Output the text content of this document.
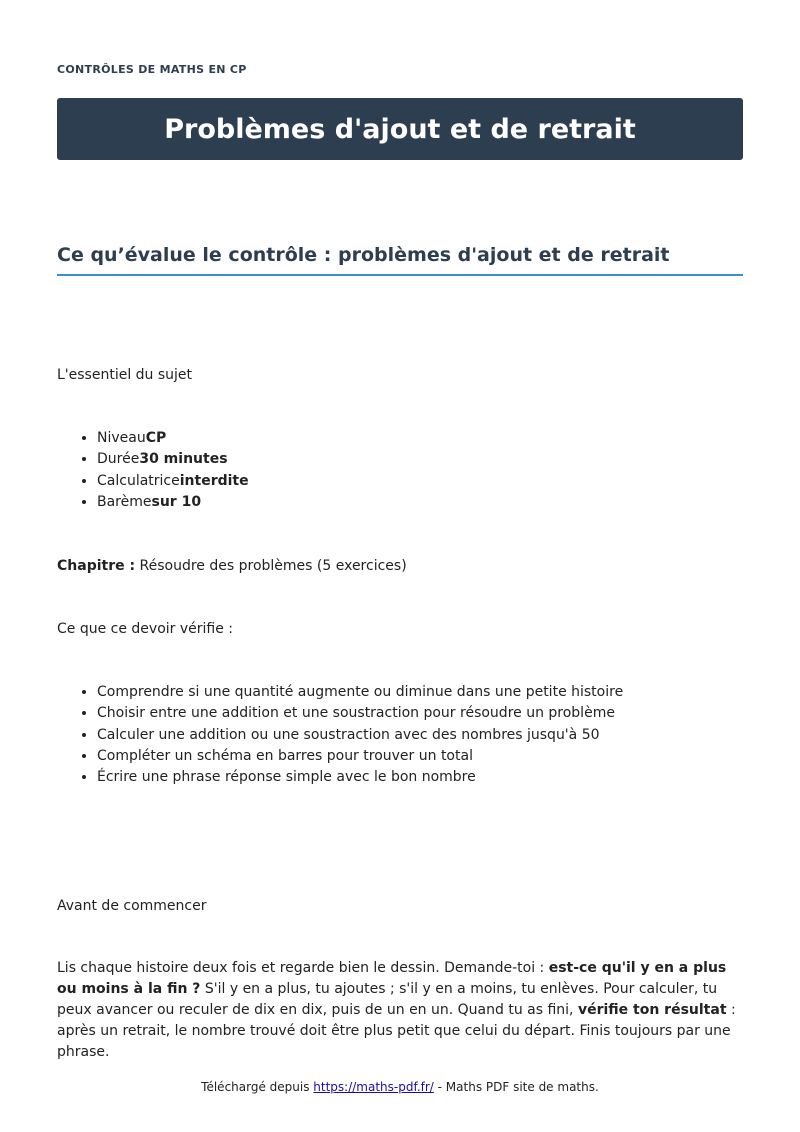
CONTRÔLES DE MATHS EN CP
Problèmes d'ajout et de retrait
Ce qu’évalue le contrôle : problèmes d'ajout et de retrait

L'essentiel du sujet

• NiveauCP
• Durée30 minutes
• Calculatriceinterdite
• Barèmesur 10

Chapitre : Résoudre des problèmes (5 exercices)

Ce que ce devoir vérifie :

• Comprendre si une quantité augmente ou diminue dans une petite histoire
• Choisir entre une addition et une soustraction pour résoudre un problème
• Calculer une addition ou une soustraction avec des nombres jusqu'à 50
• Compléter un schéma en barres pour trouver un total
• Écrire une phrase réponse simple avec le bon nombre

Avant de commencer

Lis chaque histoire deux fois et regarde bien le dessin. Demande-toi : est-ce qu'il y en a plus ou moins à la fin ? S'il y en a plus, tu ajoutes ; s'il y en a moins, tu enlèves. Pour calculer, tu peux avancer ou reculer de dix en dix, puis de un en un. Quand tu as fini, vérifie ton résultat : après un retrait, le nombre trouvé doit être plus petit que celui du départ. Finis toujours par une phrase.

Téléchargé depuis https://maths-pdf.fr/ - Maths PDF site de maths.
